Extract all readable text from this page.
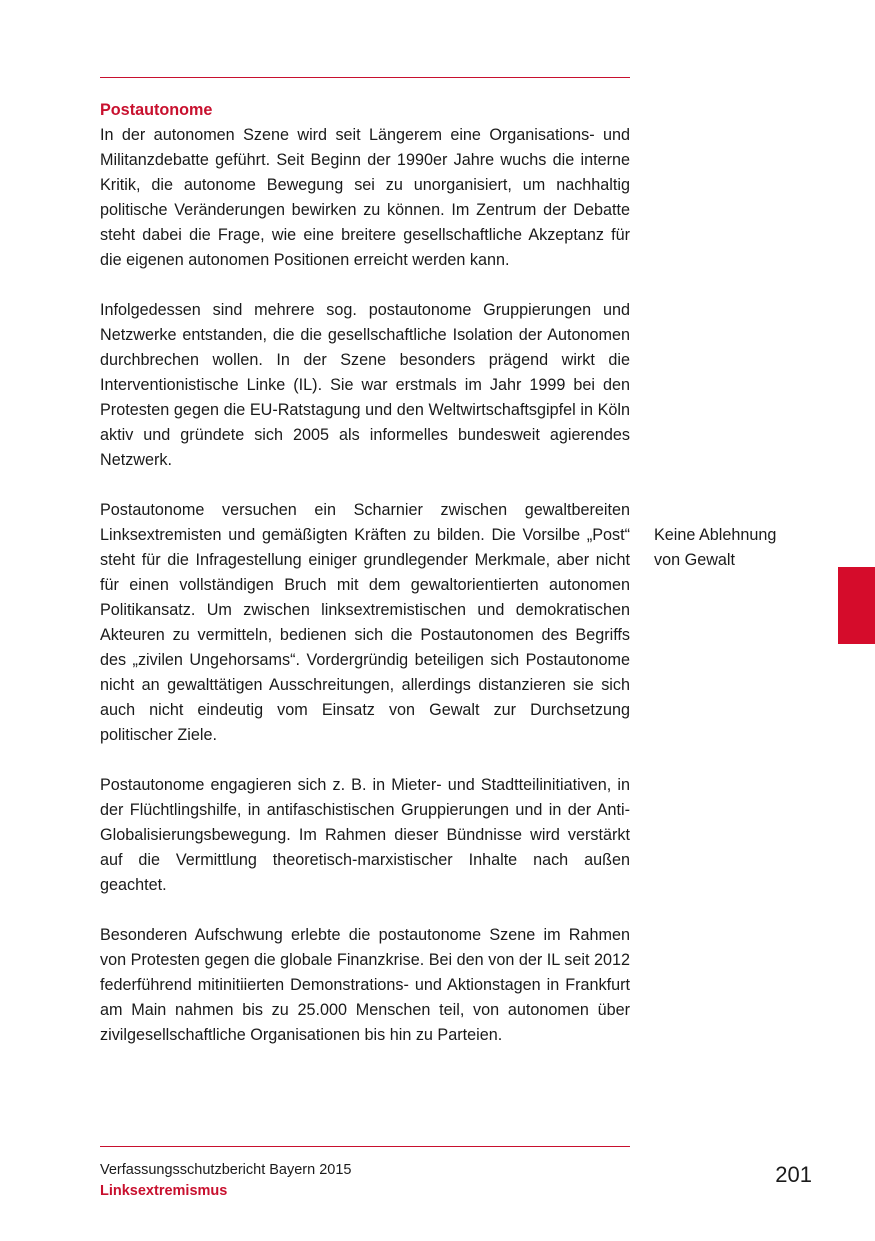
Postautonome

In der autonomen Szene wird seit Längerem eine Organisations- und Militanzdebatte geführt. Seit Beginn der 1990er Jahre wuchs die interne Kritik, die autonome Bewegung sei zu unorganisiert, um nachhaltig politische Veränderungen bewirken zu können. Im Zentrum der Debatte steht dabei die Frage, wie eine breitere gesellschaftliche Akzeptanz für die eigenen autonomen Positionen erreicht werden kann.

Infolgedessen sind mehrere sog. postautonome Gruppierungen und Netzwerke entstanden, die die gesellschaftliche Isolation der Autonomen durchbrechen wollen. In der Szene besonders prägend wirkt die Interventionistische Linke (IL). Sie war erstmals im Jahr 1999 bei den Protesten gegen die EU-Ratstagung und den Weltwirtschaftsgipfel in Köln aktiv und gründete sich 2005 als informelles bundesweit agierendes Netzwerk.

Postautonome versuchen ein Scharnier zwischen gewaltbereiten Linksextremisten und gemäßigten Kräften zu bilden. Die Vorsilbe „Post“ steht für die Infragestellung einiger grundlegender Merkmale, aber nicht für einen vollständigen Bruch mit dem gewaltorientierten autonomen Politikansatz. Um zwischen linksextremistischen und demokratischen Akteuren zu vermitteln, bedienen sich die Postautonomen des Begriffs des „zivilen Ungehorsams“. Vordergründig beteiligen sich Postautonome nicht an gewalttätigen Ausschreitungen, allerdings distanzieren sie sich auch nicht eindeutig vom Einsatz von Gewalt zur Durchsetzung politischer Ziele.

Postautonome engagieren sich z. B. in Mieter- und Stadtteilinitiativen, in der Flüchtlingshilfe, in antifaschistischen Gruppierungen und in der Anti-Globalisierungsbewegung. Im Rahmen dieser Bündnisse wird verstärkt auf die Vermittlung theoretisch-marxistischer Inhalte nach außen geachtet.

Besonderen Aufschwung erlebte die postautonome Szene im Rahmen von Protesten gegen die globale Finanzkrise. Bei den von der IL seit 2012 federführend mitinitiierten Demonstrations- und Aktionstagen in Frankfurt am Main nahmen bis zu 25.000 Menschen teil, von autonomen über zivilgesellschaftliche Organisationen bis hin zu Parteien.

Keine Ablehnung
von Gewalt
Verfassungsschutzbericht Bayern 2015
Linksextremismus
201
